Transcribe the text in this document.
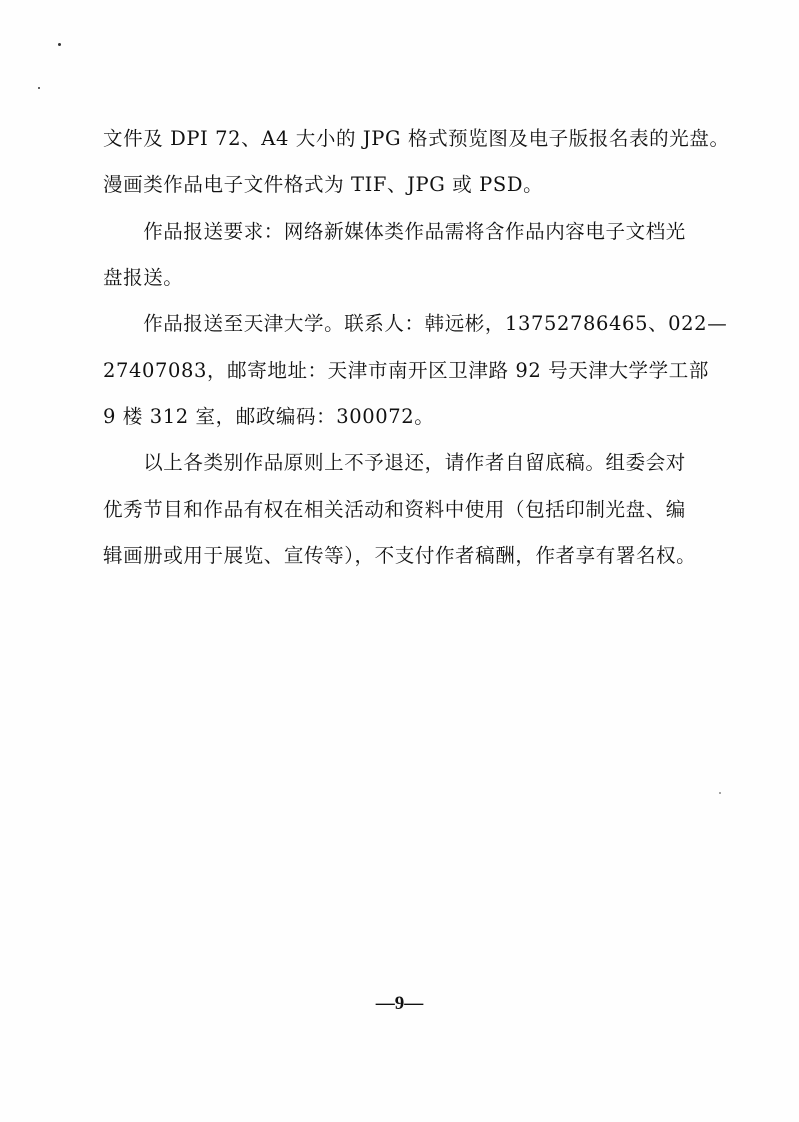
文件及 DPI 72、A4 大小的 JPG 格式预览图及电子版报名表的光盘。
漫画类作品电子文件格式为 TIF、JPG 或 PSD。
　　作品报送要求：网络新媒体类作品需将含作品内容电子文档光
盘报送。
　　作品报送至天津大学。联系人：韩远彬，13752786465、022—
27407083，邮寄地址：天津市南开区卫津路 92 号天津大学学工部
9 楼 312 室，邮政编码：300072。
　　以上各类别作品原则上不予退还，请作者自留底稿。组委会对
优秀节目和作品有权在相关活动和资料中使用（包括印制光盘、编
辑画册或用于展览、宣传等），不支付作者稿酬，作者享有署名权。
—9—
